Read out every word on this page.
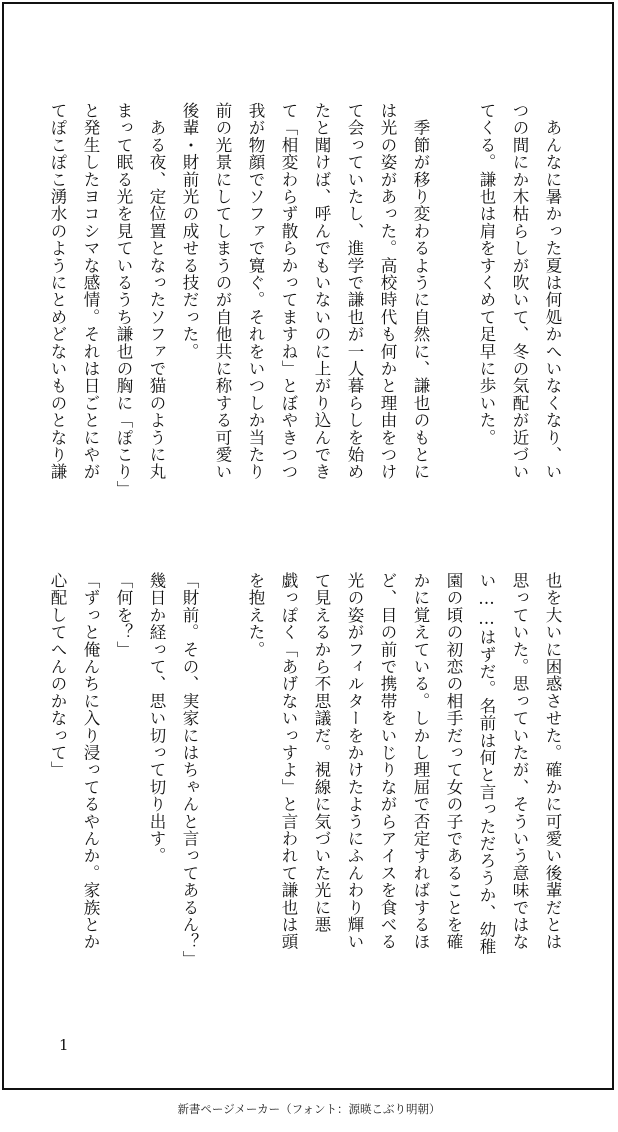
　あんなに暑かった夏は何処かへいなくなり、い
つの間にか木枯らしが吹いて、冬の気配が近づい
てくる。謙也は肩をすくめて足早に歩いた。
　季節が移り変わるように自然に、謙也のもとに
は光の姿があった。高校時代も何かと理由をつけ
て会っていたし、進学で謙也が一人暮らしを始め
たと聞けば、呼んでもいないのに上がり込んでき
て「相変わらず散らかってますね」とぼやきつつ
我が物顔でソファで寛ぐ。それをいつしか当たり
前の光景にしてしまうのが自他共に称する可愛い
後輩・財前光の成せる技だった。
　ある夜、定位置となったソファで猫のように丸
まって眠る光を見ているうち謙也の胸に「ぽこり」
と発生したヨコシマな感情。それは日ごとにやが
てぽこぽこ湧水のようにとめどないものとなり謙
也を大いに困惑させた。確かに可愛い後輩だとは
思っていた。思っていたが、そういう意味ではな
い……はずだ。名前は何と言っただろうか、幼稚
園の頃の初恋の相手だって女の子であることを確
かに覚えている。しかし理屈で否定すればするほ
ど、目の前で携帯をいじりながらアイスを食べる
光の姿がフィルターをかけたようにふんわり輝い
て見えるから不思議だ。視線に気づいた光に悪
戯っぽく「あげないっすよ」と言われて謙也は頭
を抱えた。
「財前。その、実家にはちゃんと言ってあるん？」
幾日か経って、思い切って切り出す。
「何を？」
「ずっと俺んちに入り浸ってるやんか。家族とか
心配してへんのかなって」
1
新書ページメーカー（フォント：源暎こぶり明朝）
